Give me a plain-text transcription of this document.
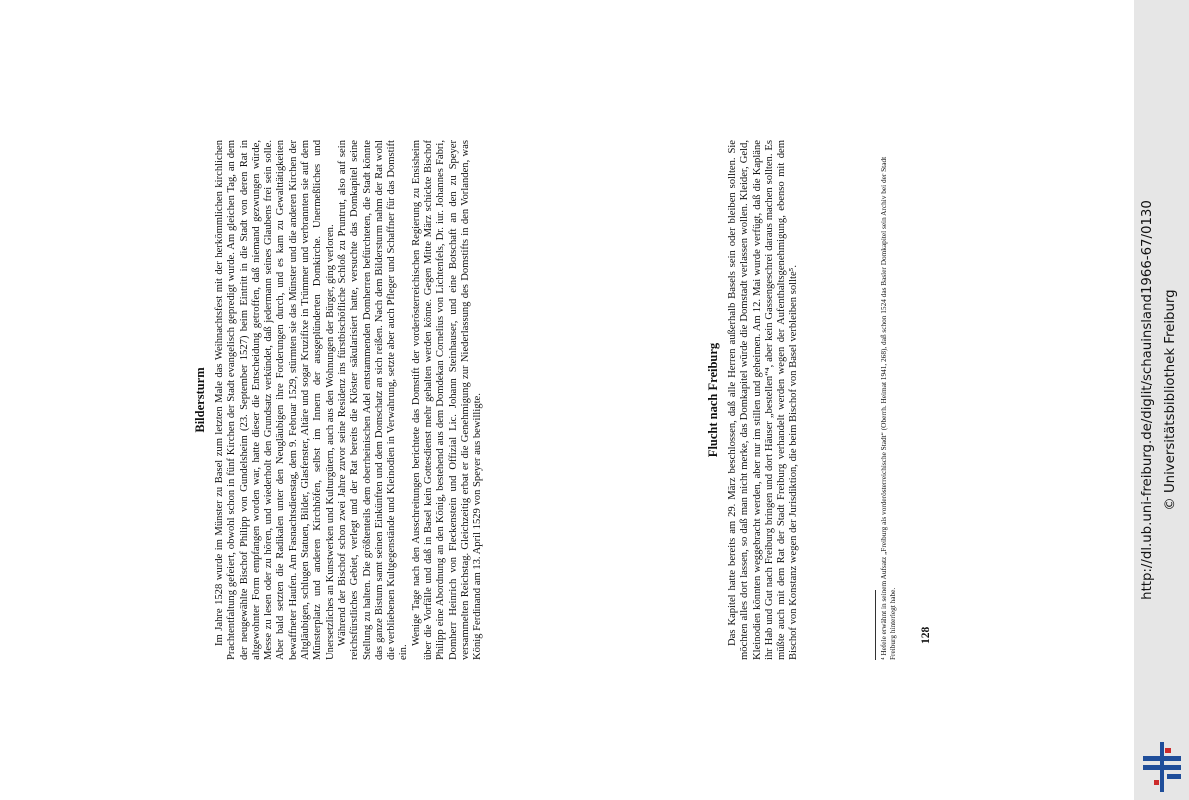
Bildersturm Im Jahre 1528 wurde im Münster zu Basel zum letzten Male das Weihnachtsfest mit der herkömmlichen kirchlichen Prachtentfaltung gefeiert, obwohl schon in fünf Kirchen der Stadt evangelisch gepredigt wurde. Am gleichen Tag, an dem der neugewählte Bischof Philipp von Gundelsheim (23. September 1527) beim Eintritt in die Stadt von deren Rat in altgewohnter Form empfangen worden war, hatte dieser die Entscheidung getroffen, daß niemand gezwungen würde, Messe zu lesen oder zu hören, und wiederholt den Grundsatz verkündet, daß jedermann seines Glaubens frei sein solle. Aber bald setzten die Radikalen unter den Neugläubigen ihre Forderungen durch, und es kam zu Gewalttätigkeiten bewaffneter Haufen. Am Fasnachtsdienstag, dem 9. Februar 1529, stürmten sie das Münster und die anderen Kirchen der Altgläubigen, schlugen Statuen, Bilder, Glasfenster, Altäre und sogar Kruzifixe in Trümmer und verbrannten sie auf dem Münsterplatz und anderen Kirchhöfen, selbst im Innern der ausgeplünderten Domkirche. Unermeßliches und Unersetzliches an Kunstwerken und Kulturgütern, auch aus den Wohnungen der Bürger, ging verloren. Während der Bischof schon zwei Jahre zuvor seine Residenz ins fürstbischöfliche Schloß zu Pruntrut, also auf sein reichsfürstliches Gebiet, verlegt und der Rat bereits die Klöster säkularisiert hatte, versuchte das Domkapitel seine Stellung zu halten. Die größtenteils dem oberrheinischen Adel entstammenden Domherren befürchteten, die Stadt könnte das ganze Bistum samt seinen Einkünften und dem Domschatz an sich reißen. Nach dem Bildersturm nahm der Rat wohl die verbliebenen Kultgegenstände und Kleinodien in Verwahrung, setzte aber auch Pfleger und Schaffner für das Domstift ein.

Wenige Tage nach den Ausschreitungen berichtete das Domstift der vorderösterreichischen Regierung zu Ensisheim über die Vorfälle und daß in Basel kein Gottesdienst mehr gehalten werden könne. Gegen Mitte März schickte Bischof Philipp eine Abordnung an den König, bestehend aus dem Domdekan Cornelius von Lichtenfels, Dr. iur. Johannes Fabri, Domherr Heinrich von Fleckenstein und Offizial Lic. Johann Steinhauser, und eine Botschaft an den zu Speyer versammelten Reichstag. Gleichzeitig erbat er die Genehmigung zur Niederlassung des Domstifts in den Vorlanden, was König Ferdinand am 13. April 1529 von Speyer aus bewilligte.	Flucht nach Freiburg Das Kapitel hatte bereits am 29. März beschlossen, daß alle Herren außerhalb Basels sein oder bleiben sollten. Sie möchten alles dort lassen, so daß man nicht merke, das Domkapitel würde die Domstadt verlassen wollen. Kleider, Geld, Kleinodien könnten weggebracht werden, aber nur im stillen und geheimen. Am 12. Mai wurde verfügt, daß die Kapläne ihr Hab und Gut nach Freiburg bringen und dort Häuser „bestellen“⁴, aber kein Gassengeschrei daraus machen sollten. Es müßte auch mit dem Rat der Stadt Freiburg verhandelt werden wegen der Aufenthaltsgenehmigung, ebenso mit dem Bischof von Konstanz wegen der Jurisdiktion, die beim Bischof von Basel verbleiben sollte⁵.	⁴ Hefele erwähnt in seinem Aufsatz „Freiburg als vorderösterreichische Stadt“ (Oberrh. Heimat 1941, 268), daß schon 1524 das Basler Domkapitel sein Archiv bei der Stadt Freiburg hinterlegt habe. 128
http://dl.ub.uni-freiburg.de/diglit/schauinsland1966-67/0130 © Universitätsbibliothek Freiburg
